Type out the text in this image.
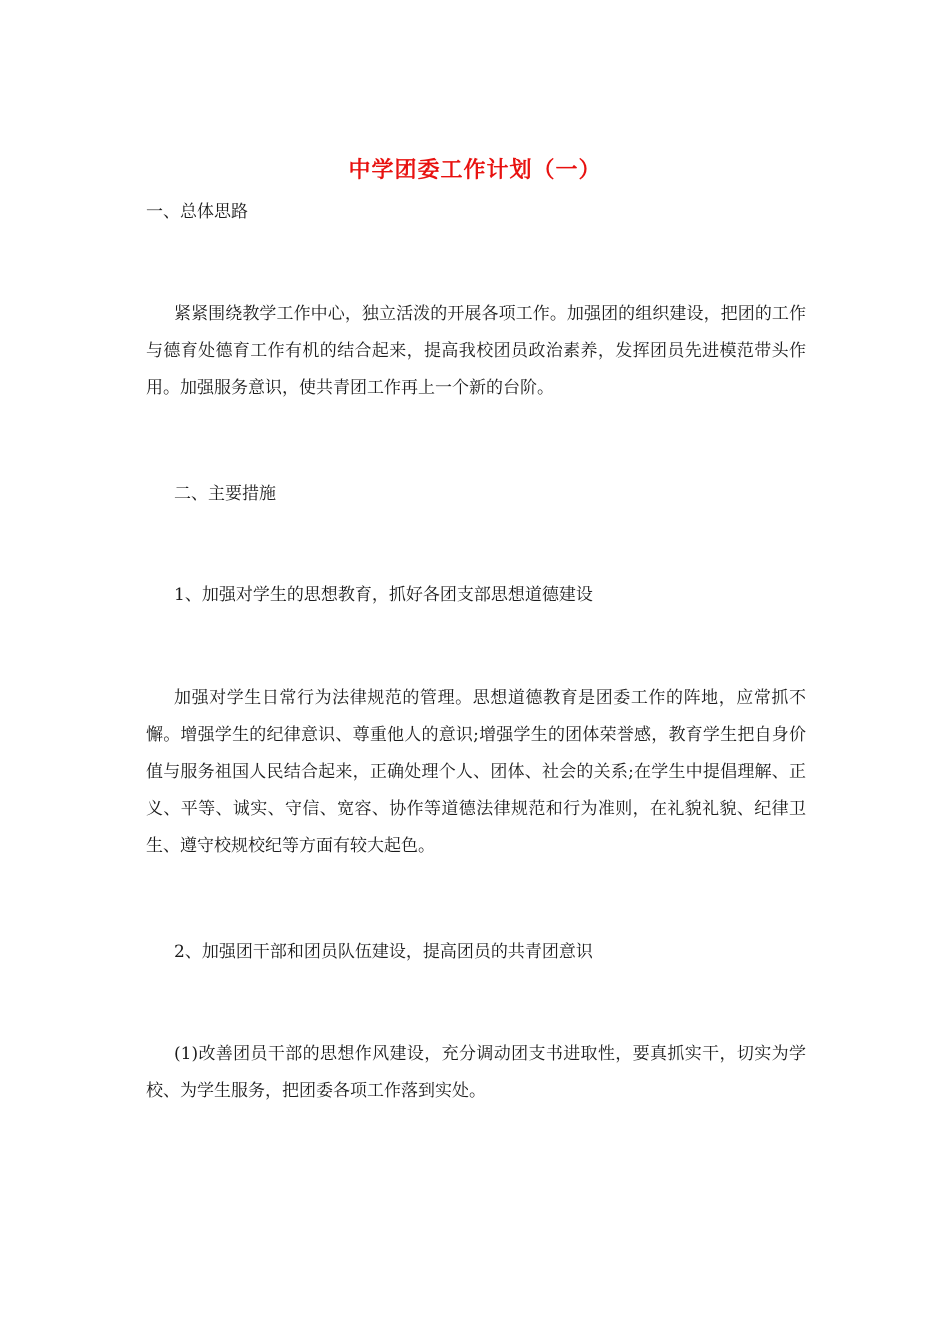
中学团委工作计划（一）

一、总体思路

紧紧围绕教学工作中心，独立活泼的开展各项工作。加强团的组织建设，把团的工作与德育处德育工作有机的结合起来，提高我校团员政治素养，发挥团员先进模范带头作用。加强服务意识，使共青团工作再上一个新的台阶。

二、主要措施

1、加强对学生的思想教育，抓好各团支部思想道德建设

加强对学生日常行为法律规范的管理。思想道德教育是团委工作的阵地，应常抓不懈。增强学生的纪律意识、尊重他人的意识;增强学生的团体荣誉感，教育学生把自身价值与服务祖国人民结合起来，正确处理个人、团体、社会的关系;在学生中提倡理解、正义、平等、诚实、守信、宽容、协作等道德法律规范和行为准则，在礼貌礼貌、纪律卫生、遵守校规校纪等方面有较大起色。

2、加强团干部和团员队伍建设，提高团员的共青团意识

(1)改善团员干部的思想作风建设，充分调动团支书进取性，要真抓实干，切实为学校、为学生服务，把团委各项工作落到实处。
